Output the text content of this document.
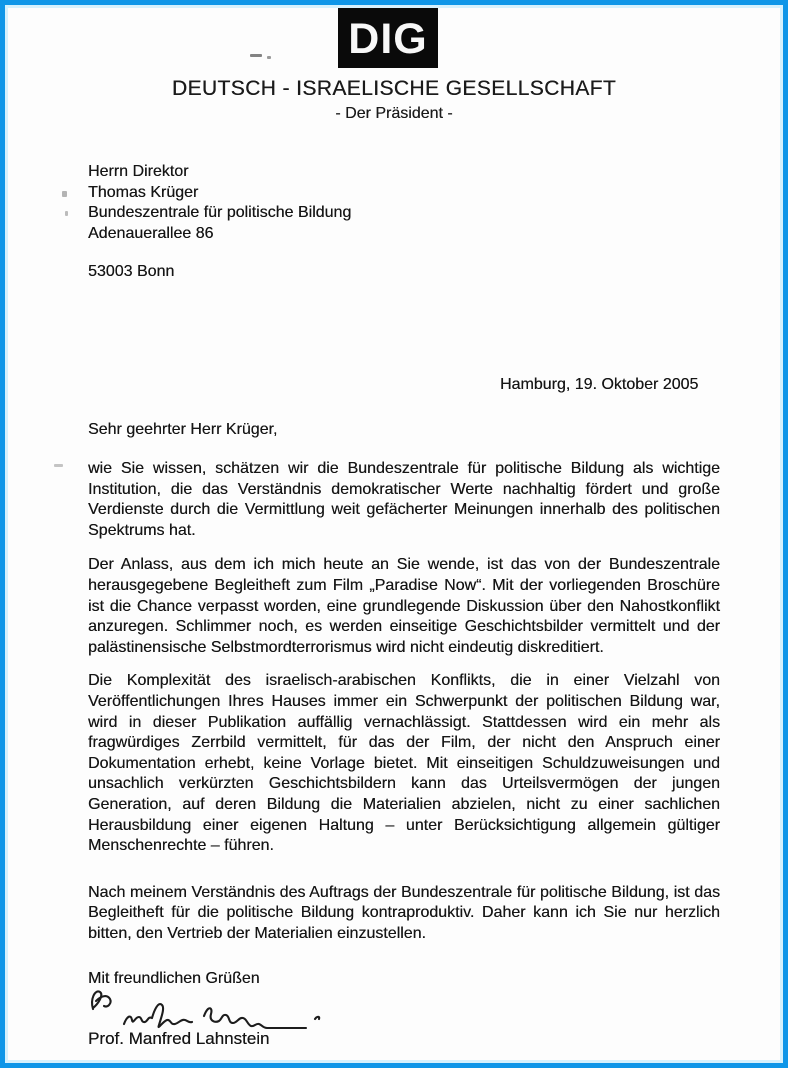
DIG
DEUTSCH - ISRAELISCHE GESELLSCHAFT
- Der Präsident -
Herrn Direktor
Thomas Krüger
Bundeszentrale für politische Bildung
Adenauerallee 86
53003 Bonn
Hamburg, 19. Oktober 2005
Sehr geehrter Herr Krüger,

wie Sie wissen, schätzen wir die Bundeszentrale für politische Bildung als wichtige Institution, die das Verständnis demokratischer Werte nachhaltig fördert und große Verdienste durch die Vermittlung weit gefächerter Meinungen innerhalb des politischen Spektrums hat.

Der Anlass, aus dem ich mich heute an Sie wende, ist das von der Bundeszentrale herausgegebene Begleitheft zum Film „Paradise Now“. Mit der vorliegenden Broschüre ist die Chance verpasst worden, eine grundlegende Diskussion über den Nahostkonflikt anzuregen. Schlimmer noch, es werden einseitige Geschichtsbilder vermittelt und der palästinensische Selbstmordterrorismus wird nicht eindeutig diskreditiert.

Die Komplexität des israelisch-arabischen Konflikts, die in einer Vielzahl von Veröffentlichungen Ihres Hauses immer ein Schwerpunkt der politischen Bildung war, wird in dieser Publikation auffällig vernachlässigt. Stattdessen wird ein mehr als fragwürdiges Zerrbild vermittelt, für das der Film, der nicht den Anspruch einer Dokumentation erhebt, keine Vorlage bietet. Mit einseitigen Schuldzuweisungen und unsachlich verkürzten Geschichtsbildern kann das Urteilsvermögen der jungen Generation, auf deren Bildung die Materialien abzielen, nicht zu einer sachlichen Herausbildung einer eigenen Haltung – unter Berücksichtigung allgemein gültiger Menschenrechte – führen.

Nach meinem Verständnis des Auftrags der Bundeszentrale für politische Bildung, ist das Begleitheft für die politische Bildung kontraproduktiv. Daher kann ich Sie nur herzlich bitten, den Vertrieb der Materialien einzustellen.

Mit freundlichen Grüßen
Prof. Manfred Lahnstein
